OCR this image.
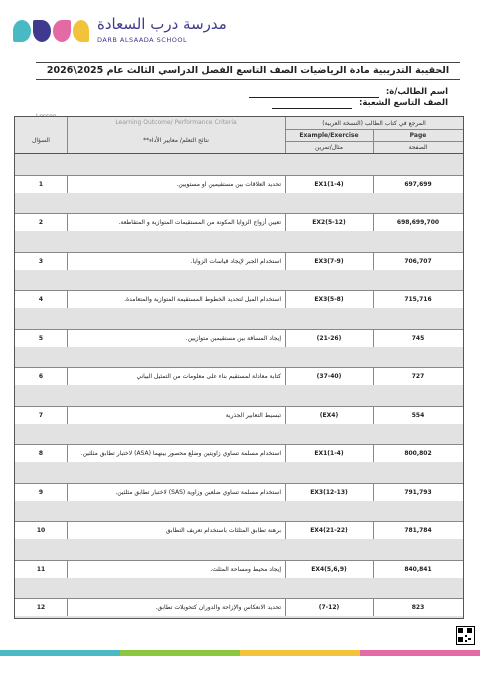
مدرسة درب السعادة
DARB ALSAADA SCHOOL
الحقيبة التدريبية مادة الرياضيات الصف التاسع الفصل الدراسي الثالث عام 2025\2026
اسم الطالب/ة:
الصف التاسع الشعبة:
السؤال
Learning Outcome/ Performance Criteria
نتائج التعلم/ معايير الأداء**
المرجع في كتاب الطالب (النسخة العربية)
Example/Exercise	Page
مثال/تمرين	الصفحة
1	تحديد العلاقات بين مستقيمين او مستويين.	EX1(1-4)	697,699
2	تعيين أزواج الزوايا المكونة من المستقيمات المتوازية و المتقاطعة.	EX2(5-12)	698,699,700
3	استخدام الجبر لإيجاد قياسات الزوايا.	EX3(7-9)	706,707
4	استخدام الميل لتحديد الخطوط المستقيمة المتوازية والمتعامدة.	EX3(5-8)	715,716
5	إيجاد المسافة بين مستقيمين متوازيين.	(21-26)	745
6	كتابة معادلة لمستقيم بناء على معلومات من التمثيل البياني	(37-40)	727
7	تبسيط التعابير الجذرية	(EX4)	554
8	استخدام مسلمة تساوي زاويتين وضلع محصور بينهما (ASA) لاختبار تطابق مثلثين.	EX1(1-4)	800,802
9	استخدام مسلمة تساوي ضلعين وزاوية (SAS) لاختبار تطابق مثلثين.	EX3(12-13)	791,793
10	برهنة تطابق المثلثات باستخدام تعريف التطابق	EX4(21-22)	781,784
11	إيجاد محيط ومساحة المثلث.	EX4(5,6,9)	840,841
12	تحديد الانعكاس والإزاحة والدوران كتحويلات تطابق.	(7-12)	823
